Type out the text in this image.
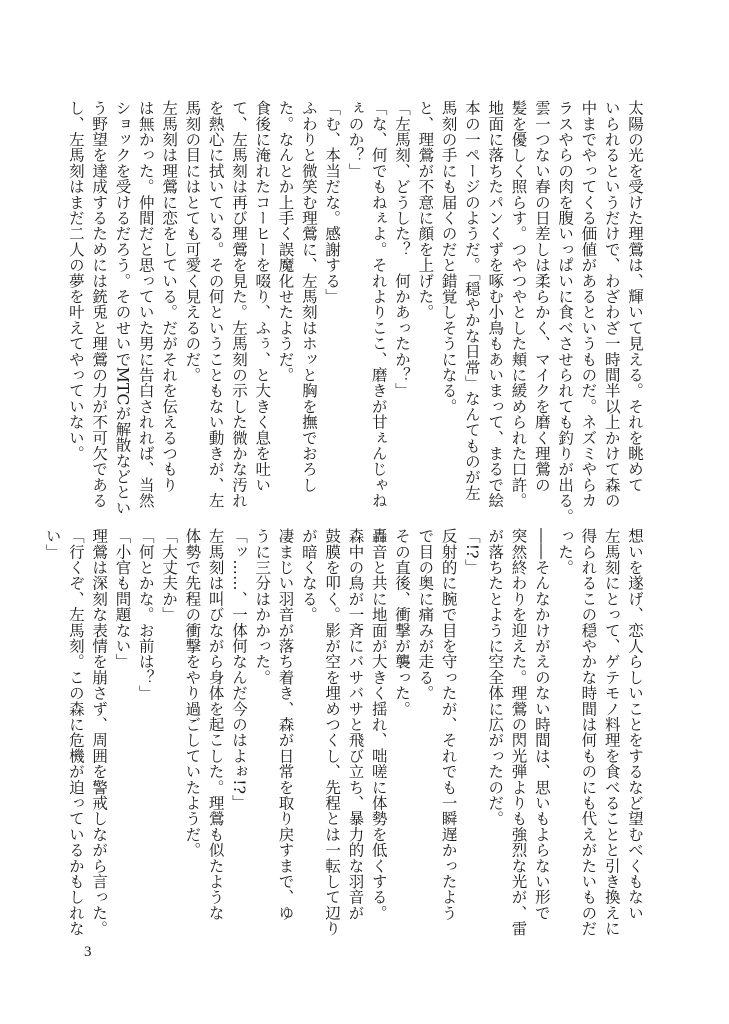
太陽の光を受けた理鶯は、輝いて見える。それを眺めて

いられるというだけで、わざわざ一時間半以上かけて森の

中までやってくる価値があるというものだ。ネズミやらカ

ラスやらの肉を腹いっぱいに食べさせられても釣りが出る。

雲一つない春の日差しは柔らかく、マイクを磨く理鶯の

髪を優しく照らす。つやつやとした頬に緩められた口許。

地面に落ちたパンくずを啄む小鳥もあいまって、まるで絵

本の一ページのようだ。「穏やかな日常」なんてものが左

馬刻の手にも届くのだと錯覚しそうになる。

と、理鶯が不意に顔を上げた。

「左馬刻、どうした？　何かあったか？」

「な、何でもねぇよ。それよりここ、磨きが甘ぇんじゃね

ぇのか？」

「む、本当だな。感謝する」

ふわりと微笑む理鶯に、左馬刻はホッと胸を撫でおろし

た。なんとか上手く誤魔化せたようだ。

食後に淹れたコーヒーを啜り、ふぅ、と大きく息を吐い

て、左馬刻は再び理鶯を見た。左馬刻の示した微かな汚れ

を熱心に拭いている。その何ということもない動きが、左

馬刻の目にはとても可愛く見えるのだ。

左馬刻は理鶯に恋をしている。だがそれを伝えるつもり

は無かった。仲間だと思っていた男に告白されれば、当然

ショックを受けるだろう。そのせいでMTCが解散などとい

う野望を達成するためには銃兎と理鶯の力が不可欠である

し、左馬刻はまだ二人の夢を叶えてやっていない。

想いを遂げ、恋人らしいことをするなど望むべくもない

左馬刻にとって、ゲテモノ料理を食べることと引き換えに

得られるこの穏やかな時間は何ものにも代えがたいものだ

った。

――そんなかけがえのない時間は、思いもよらない形で

突然終わりを迎えた。理鶯の閃光弾よりも強烈な光が、雷

が落ちたとように空全体に広がったのだ。

「!?」

反射的に腕で目を守ったが、それでも一瞬遅かったよう

で目の奥に痛みが走る。

その直後、衝撃が襲った。

轟音と共に地面が大きく揺れ、咄嗟に体勢を低くする。

森中の鳥が一斉にバサバサと飛び立ち、暴力的な羽音が

鼓膜を叩く。影が空を埋めつくし、先程とは一転して辺り

が暗くなる。

凄まじい羽音が落ち着き、森が日常を取り戻すまで、ゆ

うに三分はかかった。

「ッ……、一体何なんだ今のはよぉ!?」

左馬刻は叫びながら身体を起こした。理鶯も似たような

体勢で先程の衝撃をやり過ごしていたようだ。

「大丈夫か」

「何とかな。お前は？」

「小官も問題ない」

理鶯は深刻な表情を崩さず、周囲を警戒しながら言った。

「行くぞ、左馬刻。この森に危機が迫っているかもしれな

い」

3
